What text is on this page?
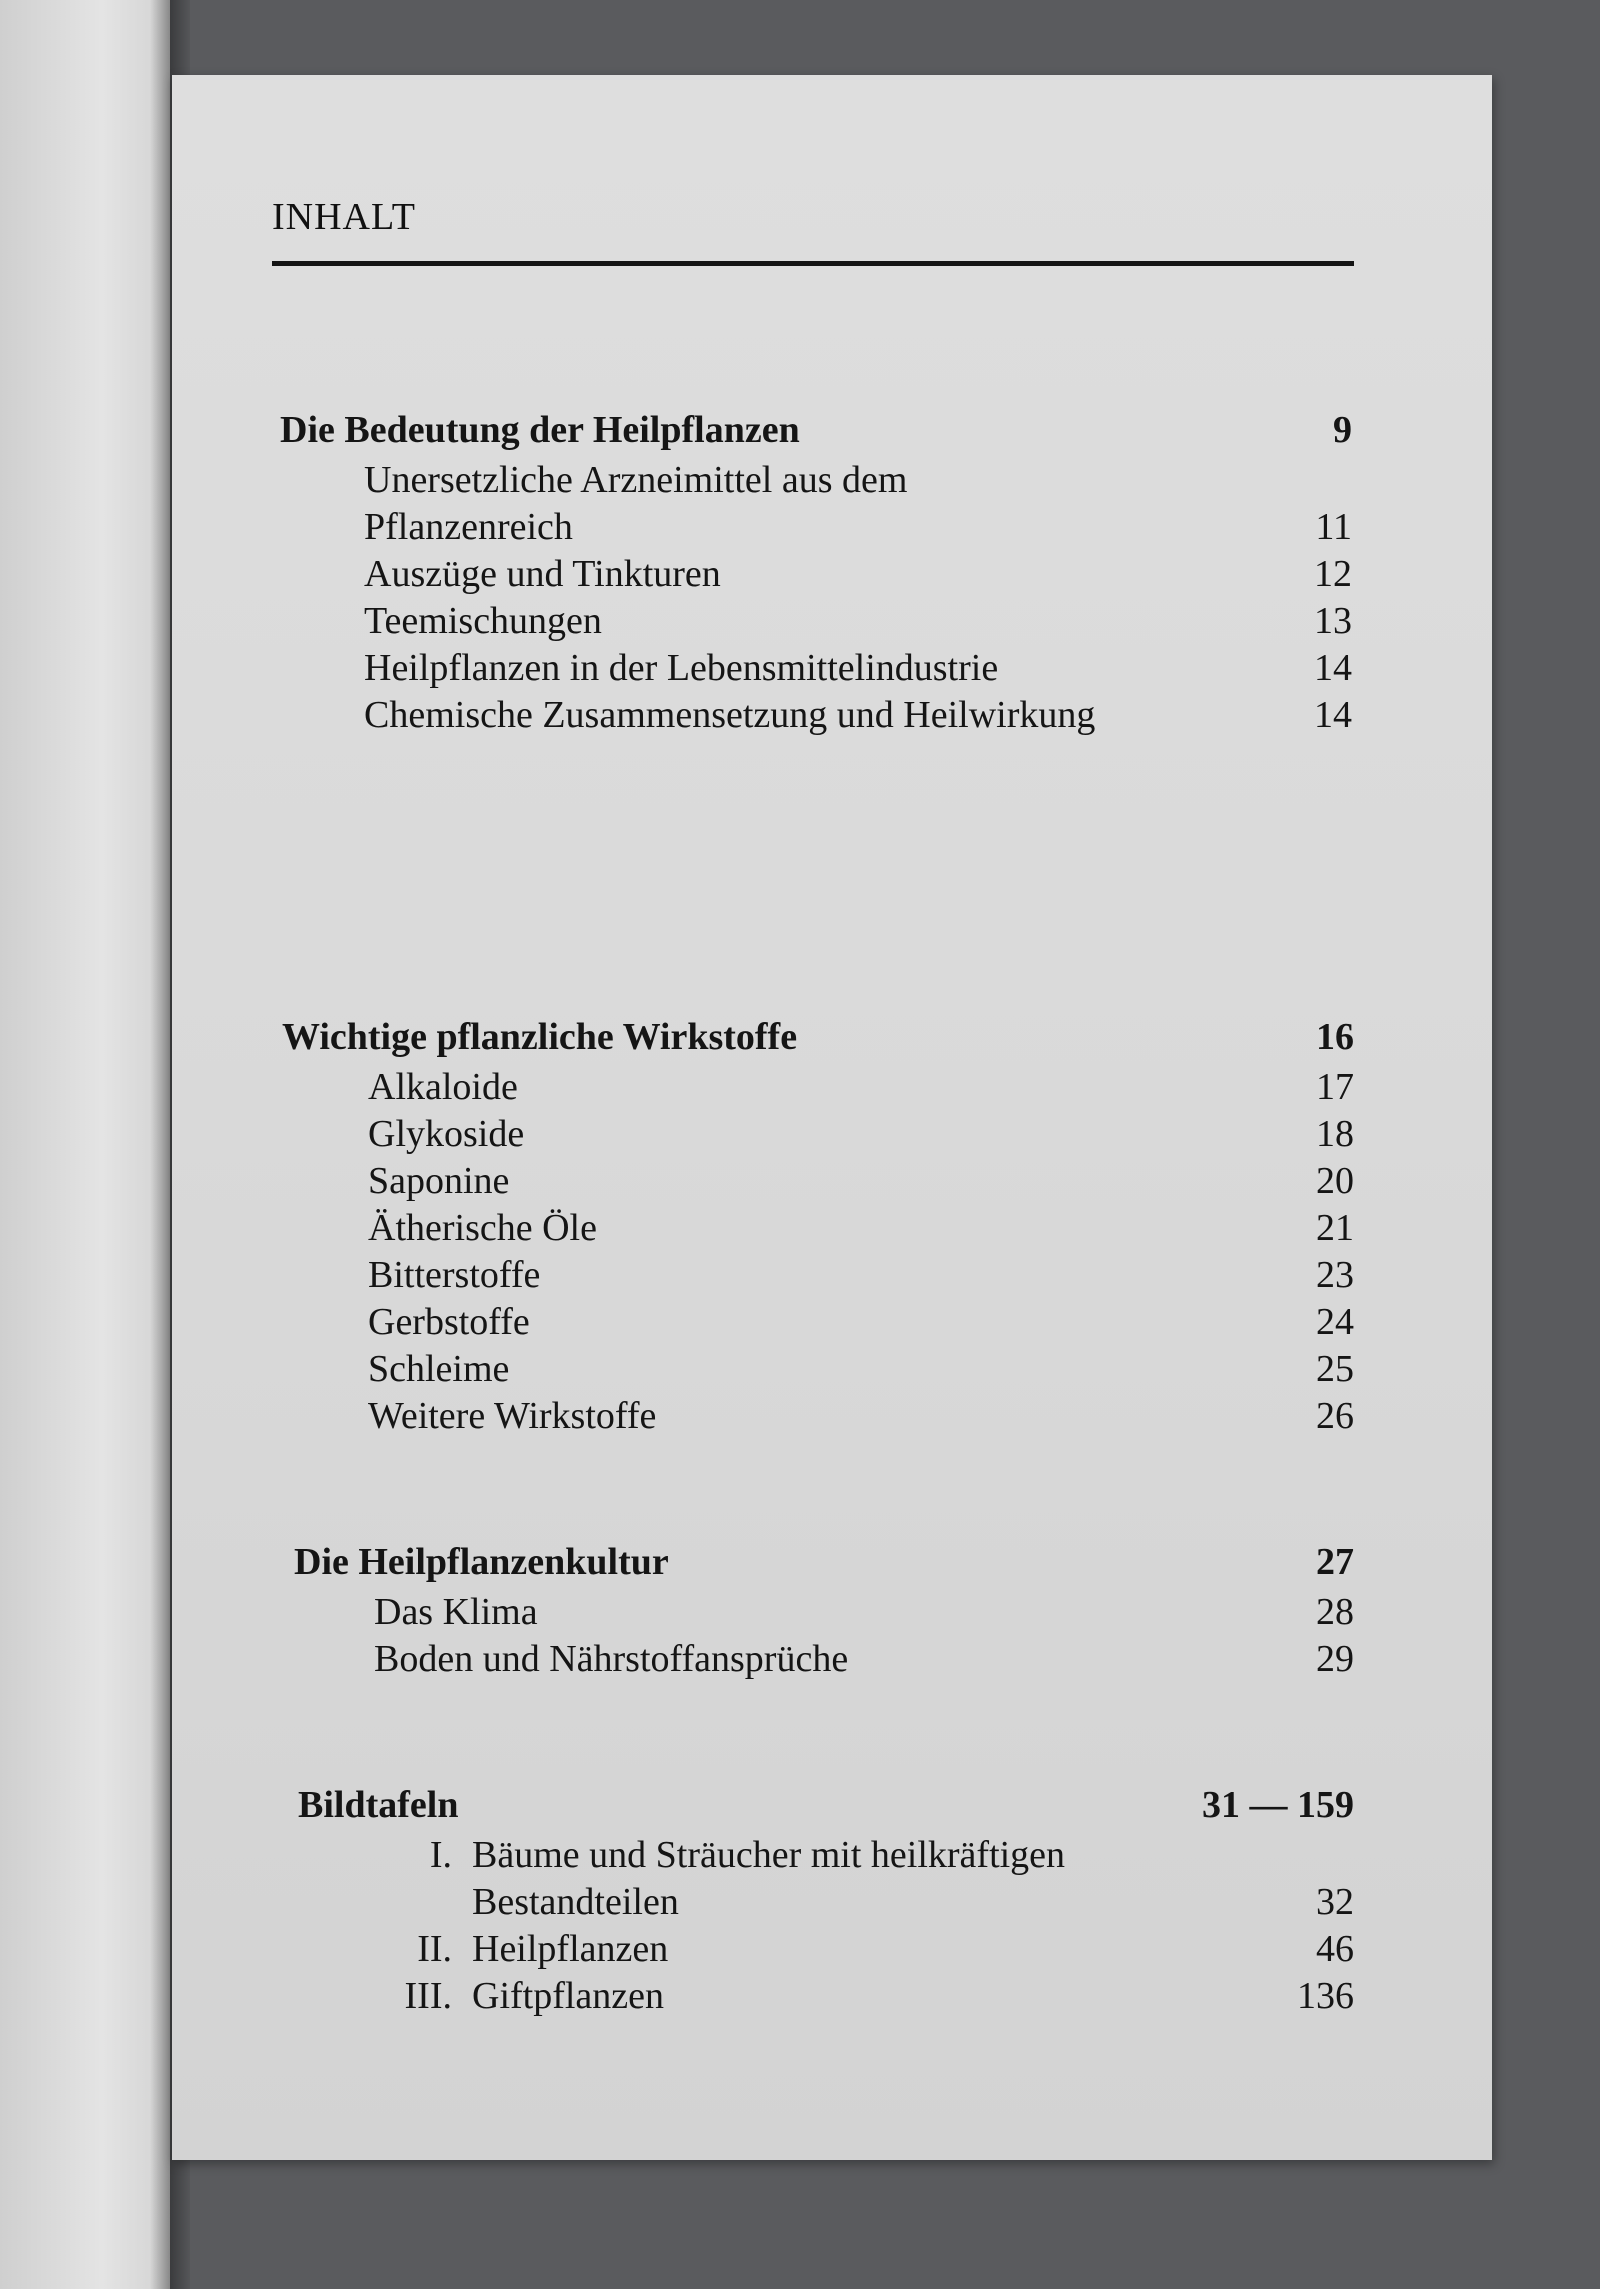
INHALT
Die Bedeutung der Heilpflanzen	9
Unersetzliche Arzneimittel aus dem
Pflanzenreich	11
Auszüge und Tinkturen	12
Teemischungen	13
Heilpflanzen in der Lebensmittelindustrie	14
Chemische Zusammensetzung und Heilwirkung	14
Wichtige pflanzliche Wirkstoffe	16
Alkaloide	17
Glykoside	18
Saponine	20
Ätherische Öle	21
Bitterstoffe	23
Gerbstoffe	24
Schleime	25
Weitere Wirkstoffe	26
Die Heilpflanzenkultur	27
Das Klima	28
Boden und Nährstoffansprüche	29
Bildtafeln	31 — 159
I. Bäume und Sträucher mit heilkräftigen
Bestandteilen	32
II. Heilpflanzen	46
III. Giftpflanzen	136
